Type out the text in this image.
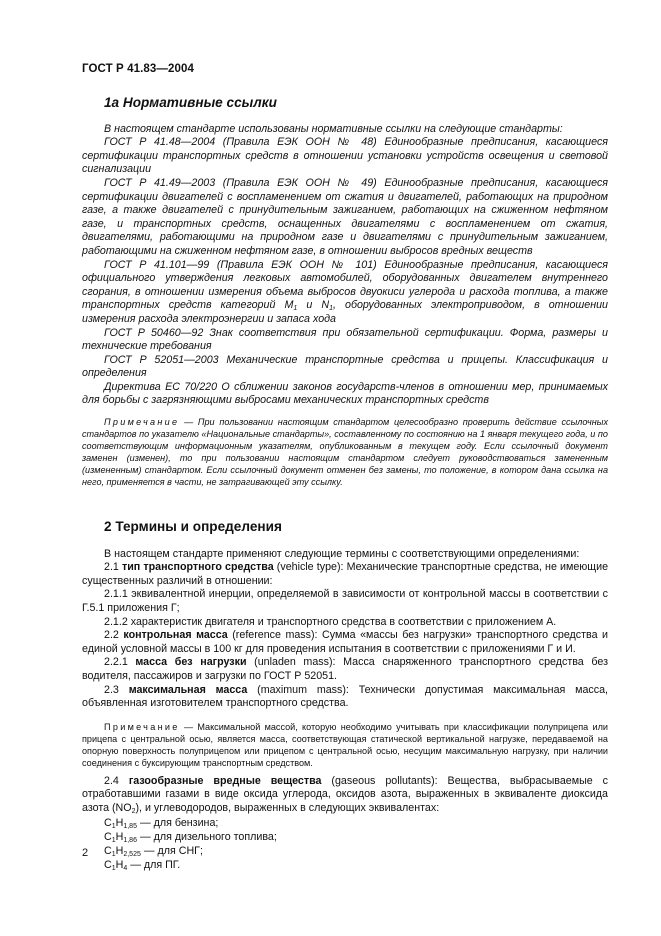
ГОСТ Р 41.83—2004
1а Нормативные ссылки

В настоящем стандарте использованы нормативные ссылки на следующие стандарты:

ГОСТ Р 41.48—2004 (Правила ЕЭК ООН № 48) Единообразные предписания, касающиеся сертификации транспортных средств в отношении установки устройств освещения и световой сигнализации

ГОСТ Р 41.49—2003 (Правила ЕЭК ООН № 49) Единообразные предписания, касающиеся сертификации двигателей с воспламенением от сжатия и двигателей, работающих на природном газе, а также двигателей с принудительным зажиганием, работающих на сжиженном нефтяном газе, и транспортных средств, оснащенных двигателями с воспламенением от сжатия, двигателями, работающими на природном газе и двигателями с принудительным зажиганием, работающими на сжиженном нефтяном газе, в отношении выбросов вредных веществ

ГОСТ Р 41.101—99 (Правила ЕЭК ООН № 101) Единообразные предписания, касающиеся официального утверждения легковых автомобилей, оборудованных двигателем внутреннего сгорания, в отношении измерения объема выбросов двуокиси углерода и расхода топлива, а также транспортных средств категорий $M_1$ и $N_1$, оборудованных электроприводом, в отношении измерения расхода электроэнергии и запаса хода

ГОСТ Р 50460—92 Знак соответствия при обязательной сертификации. Форма, размеры и технические требования

ГОСТ Р 52051—2003 Механические транспортные средства и прицепы. Классификация и определения

Директива ЕС 70/220 О сближении законов государств-членов в отношении мер, принимаемых для борьбы с загрязняющими выбросами механических транспортных средств

Примечание — При пользовании настоящим стандартом целесообразно проверить действие ссылочных стандартов по указателю «Национальные стандарты», составленному по состоянию на 1 января текущего года, и по соответствующим информационным указателям, опубликованным в текущем году. Если ссылочный документ заменен (изменен), то при пользовании настоящим стандартом следует руководствоваться замененным (измененным) стандартом. Если ссылочный документ отменен без замены, то положение, в котором дана ссылка на него, применяется в части, не затрагивающей эту ссылку.

2 Термины и определения

В настоящем стандарте применяют следующие термины с соответствующими определениями:

2.1 тип транспортного средства (vehicle type): Механические транспортные средства, не имеющие существенных различий в отношении:

2.1.1 эквивалентной инерции, определяемой в зависимости от контрольной массы в соответствии с Г.5.1 приложения Г;

2.1.2 характеристик двигателя и транспортного средства в соответствии с приложением А.

2.2 контрольная масса (reference mass): Сумма «массы без нагрузки» транспортного средства и единой условной массы в 100 кг для проведения испытания в соответствии с приложениями Г и И.

2.2.1 масса без нагрузки (unladen mass): Масса снаряженного транспортного средства без водителя, пассажиров и загрузки по ГОСТ Р 52051.

2.3 максимальная масса (maximum mass): Технически допустимая максимальная масса, объявленная изготовителем транспортного средства.

Примечание — Максимальной массой, которую необходимо учитывать при классификации полуприцепа или прицепа с центральной осью, является масса, соответствующая статической вертикальной нагрузке, передаваемой на опорную поверхность полуприцепом или прицепом с центральной осью, несущим максимальную нагрузку, при наличии соединения с буксирующим транспортным средством.

2.4 газообразные вредные вещества (gaseous pollutants): Вещества, выбрасываемые с отработавшими газами в виде оксида углерода, оксидов азота, выраженных в эквиваленте диоксида азота $(NO_2)$, и углеводородов, выраженных в следующих эквивалентах:

$C_1H_{1,85}$ — для бензина;
$C_1H_{1,86}$ — для дизельного топлива;
$C_1H_{2,525}$ — для СНГ;
$C_1H_4$ — для ПГ.
2
